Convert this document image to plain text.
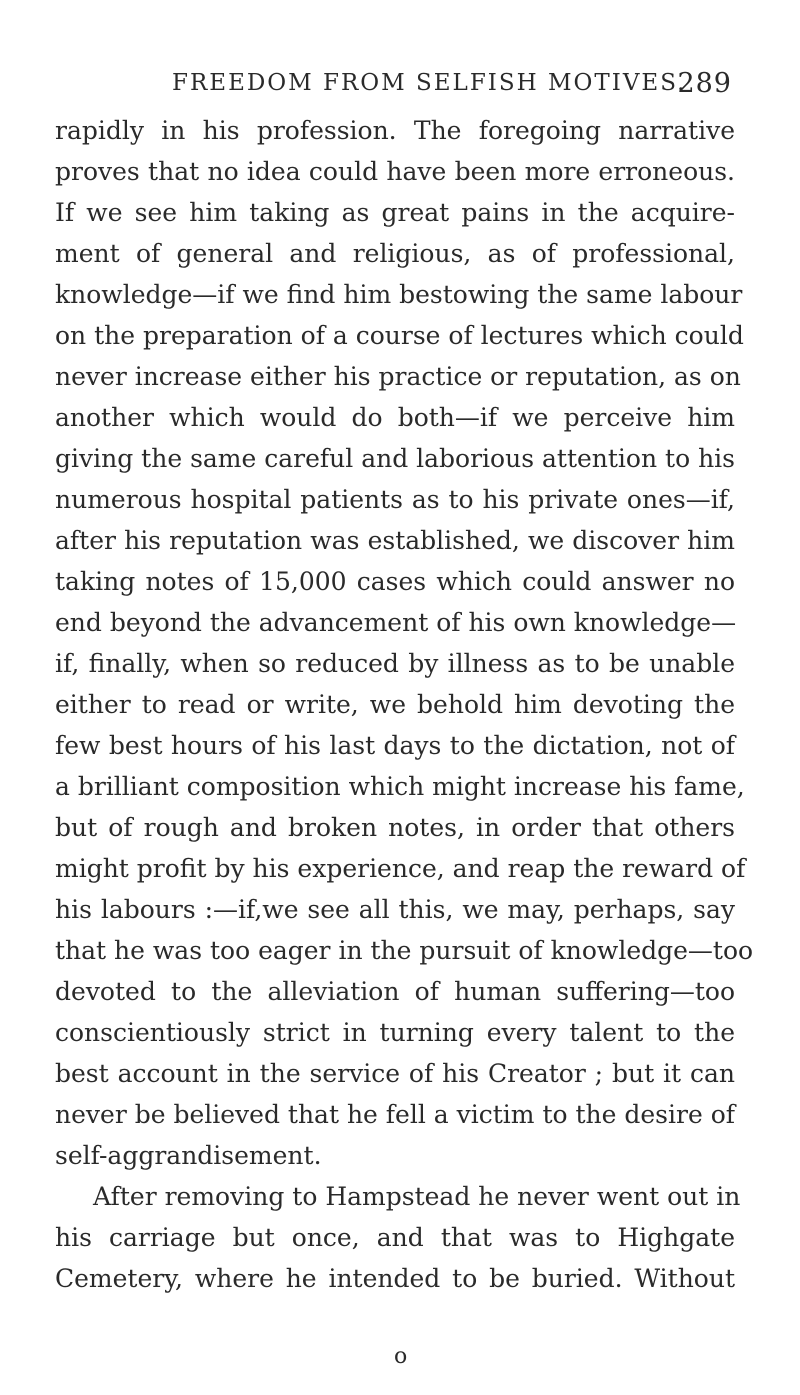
FREEDOM FROM SELFISH MOTIVES.
289
rapidly in his profession. The foregoing narrative
proves that no idea could have been more erroneous.
If we see him taking as great pains in the acquire-
ment of general and religious, as of professional,
knowledge—if we find him bestowing the same labour
on the preparation of a course of lectures which could
never increase either his practice or reputation, as on
another which would do both—if we perceive him
giving the same careful and laborious attention to his
numerous hospital patients as to his private ones—if,
after his reputation was established, we discover him
taking notes of 15,000 cases which could answer no
end beyond the advancement of his own knowledge—
if, finally, when so reduced by illness as to be unable
either to read or write, we behold him devoting the
few best hours of his last days to the dictation, not of
a brilliant composition which might increase his fame,
but of rough and broken notes, in order that others
might profit by his experience, and reap the reward of
his labours :—if,we see all this, we may, perhaps, say
that he was too eager in the pursuit of knowledge—too
devoted to the alleviation of human suffering—too
conscientiously strict in turning every talent to the
best account in the service of his Creator ; but it can
never be believed that he fell a victim to the desire of
self-aggrandisement.
After removing to Hampstead he never went out in
his carriage but once, and that was to Highgate
Cemetery, where he intended to be buried. Without
o
